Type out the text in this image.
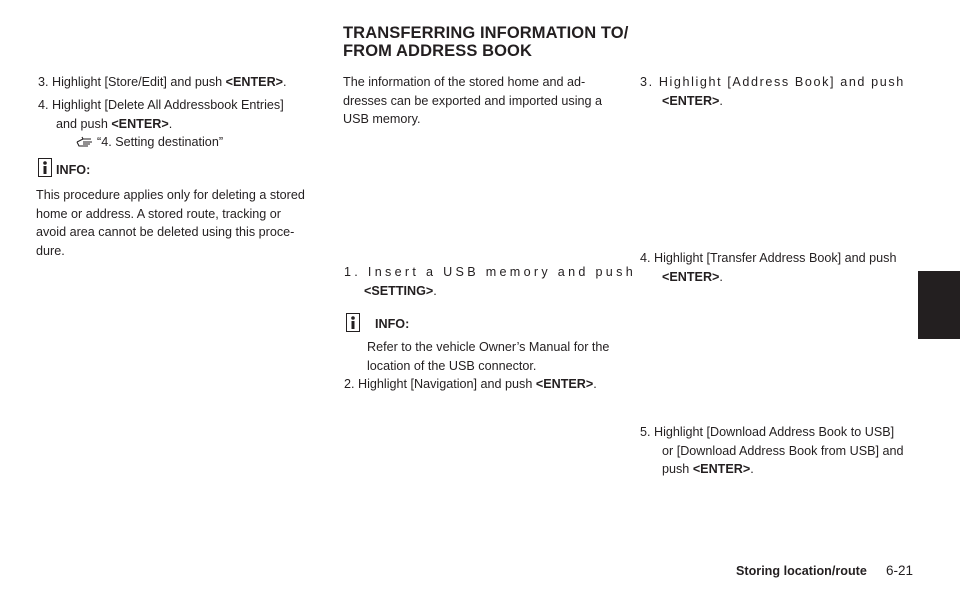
TRANSFERRING INFORMATION TO/
FROM ADDRESS BOOK
3. Highlight [Store/Edit] and push <ENTER>.
4. Highlight [Delete All Addressbook Entries]
and push <ENTER>.
“4. Setting destination”
INFO:
This procedure applies only for deleting a stored
home or address. A stored route, tracking or
avoid area cannot be deleted using this proce-
dure.
The information of the stored home and ad-
dresses can be exported and imported using a
USB memory.
1. Insert a USB memory and push
<SETTING>.
INFO:
Refer to the vehicle Owner’s Manual for the
location of the USB connector.
2. Highlight [Navigation] and push <ENTER>.
3. Highlight [Address Book] and push
<ENTER>.
4. Highlight [Transfer Address Book] and push
<ENTER>.
5. Highlight [Download Address Book to USB]
or [Download Address Book from USB] and
push <ENTER>.
Storing location/route 6-21
